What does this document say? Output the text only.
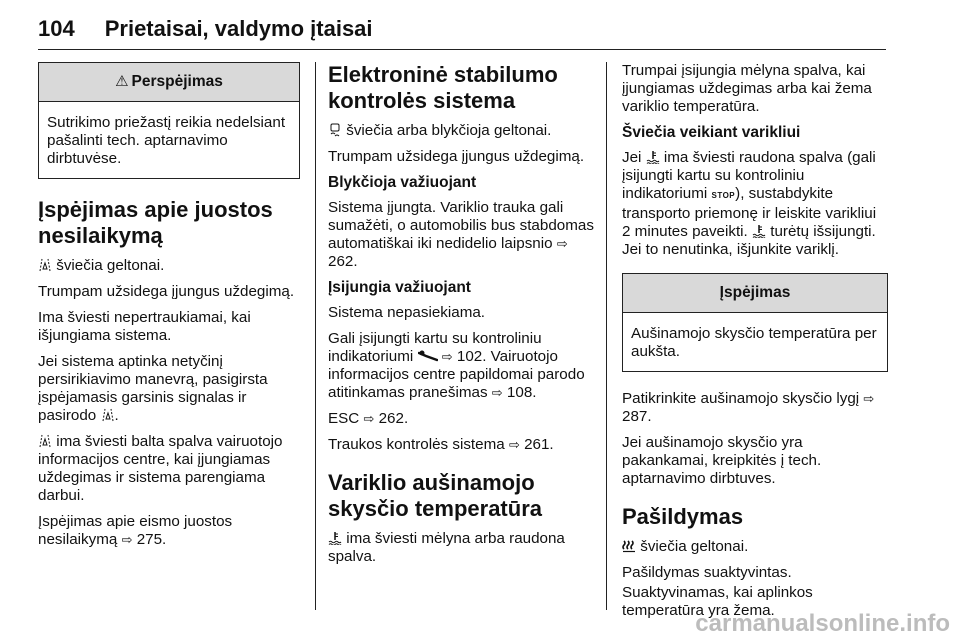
104 Prietaisai, valdymo įtaisai
⚠ Perspėjimas
Sutrikimo priežastį reikia nedelsiant pašalinti tech. aptarnavimo dirbtuvėse.
Įspėjimas apie juostos nesilaikymą

šviečia geltonai.

Trumpam užsidega įjungus uždegimą.

Ima šviesti nepertraukiamai, kai išjungiama sistema.

Jei sistema aptinka netyčinį persirikiavimo manevrą, pasigirsta įspėjamasis garsinis signalas ir pasirodo .

ima šviesti balta spalva vairuotojo informacijos centre, kai įjungiamas uždegimas ir sistema parengiama darbui.

Įspėjimas apie eismo juostos nesilaikymą ⇨ 275.

Elektroninė stabilumo kontrolės sistema

šviečia arba blykčioja geltonai.

Trumpam užsidega įjungus uždegimą.

Blykčioja važiuojant

Sistema įjungta. Variklio trauka gali sumažėti, o automobilis bus stabdomas automatiškai iki nedidelio laipsnio ⇨ 262.

Įsijungia važiuojant

Sistema nepasiekiama.

Gali įsijungti kartu su kontroliniu indikatoriumi ⇨ 102. Vairuotojo informacijos centre papildomai parodo atitinkamas pranešimas ⇨ 108.

ESC ⇨ 262.

Traukos kontrolės sistema ⇨ 261.

Variklio aušinamojo skysčio temperatūra

ima šviesti mėlyna arba raudona spalva.

Trumpai įsijungia mėlyna spalva, kai įjungiamas uždegimas arba kai žema variklio temperatūra.

Šviečia veikiant varikliui

Jei ima šviesti raudona spalva (gali įsijungti kartu su kontroliniu indikatoriumi STOP), sustabdykite transporto priemonę ir leiskite varikliui 2 minutes paveikti. turėtų išsijungti. Jei to nenutinka, išjunkite variklį.

Įspėjimas
Aušinamojo skysčio temperatūra per aukšta.

Patikrinkite aušinamojo skysčio lygį ⇨ 287.

Jei aušinamojo skysčio yra pakankamai, kreipkitės į tech. aptarnavimo dirbtuves.

Pašildymas

šviečia geltonai.

Pašildymas suaktyvintas.

Suaktyvinamas, kai aplinkos temperatūra yra žema.

carmanualsonline.info
